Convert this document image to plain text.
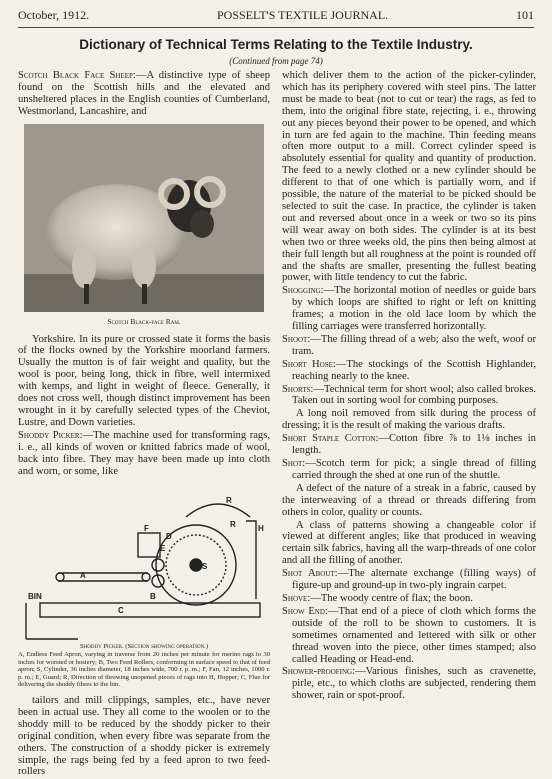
October, 1912.	POSSELT'S TEXTILE JOURNAL.	101
Dictionary of Technical Terms Relating to the Textile Industry.
(Continued from page 74)

Scotch Black Face Sheep:—A distinctive type of sheep found on the Scottish hills and the elevated and unsheltered places in the English counties of Cumberland, Westmorland, Lancashire, and

Scotch Black-face Ram.

Yorkshire. In its pure or crossed state it forms the basis of the flocks owned by the Yorkshire moorland farmers. Usually the mutton is of fair weight and quality, but the wool is poor, being long, thick in fibre, well intermixed with kemps, and light in weight of fleece. Generally, it does not cross well, though distinct improvement has been wrought in it by carefully selected types of the Cheviot, Lustre, and Down varieties.

Shoddy Picker:—The machine used for transforming rags, i. e., all kinds of woven or knitted fabrics made of wool, back into fibre. They may have been made up into cloth and worn, or some, like

BIN
A
B
C
D
E
F
S
R
H
R
Shoddy Picker. (Section showing operation.)
A, Endless Feed Apron, varying in traverse from 20 inches per minute for merino rags to 30 inches for worsted or hosiery; B, Two Feed Rollers, conforming in surface speed to that of feed apron; S, Cylinder, 36 inches diameter, 18 inches wide, 700 r. p. m.; F, Fan, 12 inches, 1000 r. p. m.; E, Guard; R, Direction of throwing unopened pieces of rags into H, Hopper; C, Flue for delivering the shoddy fibres to the bin.

tailors and mill clippings, samples, etc., have never been in actual use. They all come to the woolen or to the shoddy mill to be reduced by the shoddy picker to their original condition, when every fibre was separate from the others. The construction of a shoddy picker is extremely simple, the rags being fed by a feed apron to two feed-rollers

which deliver them to the action of the picker-cylinder, which has its periphery covered with steel pins. The latter must be made to beat (not to cut or tear) the rags, as fed to them, into the original fibre state, rejecting, i. e., throwing out any pieces beyond their power to be opened, and which in turn are fed again to the machine. Thin feeding means often more output to a mill. Correct cylinder speed is absolutely essential for quality and quantity of production. The feed to a newly clothed or a new cylinder should be different to that of one which is partially worn, and if possible, the nature of the material to be picked should be selected to suit the case. In practice, the cylinder is taken out and reversed about once in a week or two so its pins will wear away on both sides. The cylinder is at its best when two or three weeks old, the pins then being almost at their full length but all roughness at the point is rounded off and the shafts are smaller, presenting the fullest beating power, with little tendency to cut the fabric.

Shogging:—The horizontal motion of needles or guide bars by which loops are shifted to right or left on knitting frames; a motion in the old lace loom by which the filling carriages were transferred horizontally.

Shoot:—The filling thread of a web; also the weft, woof or tram.

Short Hose:—The stockings of the Scottish Highlander, reaching nearly to the knee.

Shorts:—Technical term for short wool; also called brokes. Taken out in sorting wool for combing purposes.

A long noil removed from silk during the process of dressing; it is the result of making the various drafts.

Short Staple Cotton:—Cotton fibre ⅞ to 1⅛ inches in length.

Shot:—Scotch term for pick; a single thread of filling carried through the shed at one run of the shuttle.

A defect of the nature of a streak in a fabric, caused by the interweaving of a thread or threads differing from others in color, quality or counts.

A class of patterns showing a changeable color if viewed at different angles; like that produced in weaving certain silk fabrics, having all the warp-threads of one color and all the filling of another.

Shot About:—The alternate exchange (filling ways) of figure-up and ground-up in two-ply ingrain carpet.

Shove:—The woody centre of flax; the boon.

Show End:—That end of a piece of cloth which forms the outside of the roll to be shown to customers. It is sometimes ornamented and lettered with silk or other thread woven into the piece, other times stamped; also called Heading or Head-end.

Shower-proofing:—Various finishes, such as cravenette, pirle, etc., to which cloths are subjected, rendering them shower, rain or spot-proof.
